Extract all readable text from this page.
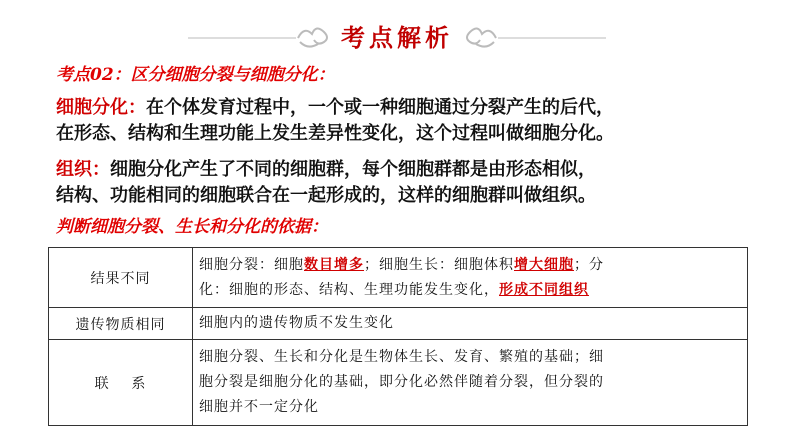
考点解析
考点02：区分细胞分裂与细胞分化：
细胞分化：在个体发育过程中，一个或一种细胞通过分裂产生的后代，
在形态、结构和生理功能上发生差异性变化，这个过程叫做细胞分化。
组织：细胞分化产生了不同的细胞群，每个细胞群都是由形态相似，
结构、功能相同的细胞联合在一起形成的，这样的细胞群叫做组织。
判断细胞分裂、生长和分化的依据：
结果不同	细胞分裂：细胞数目增多；细胞生长：细胞体积增大细胞；分
化：细胞的形态、结构、生理功能发生变化，形成不同组织
遗传物质相同	细胞内的遗传物质不发生变化
联    系	细胞分裂、生长和分化是生物体生长、发育、繁殖的基础；细
胞分裂是细胞分化的基础，即分化必然伴随着分裂，但分裂的
细胞并不一定分化
